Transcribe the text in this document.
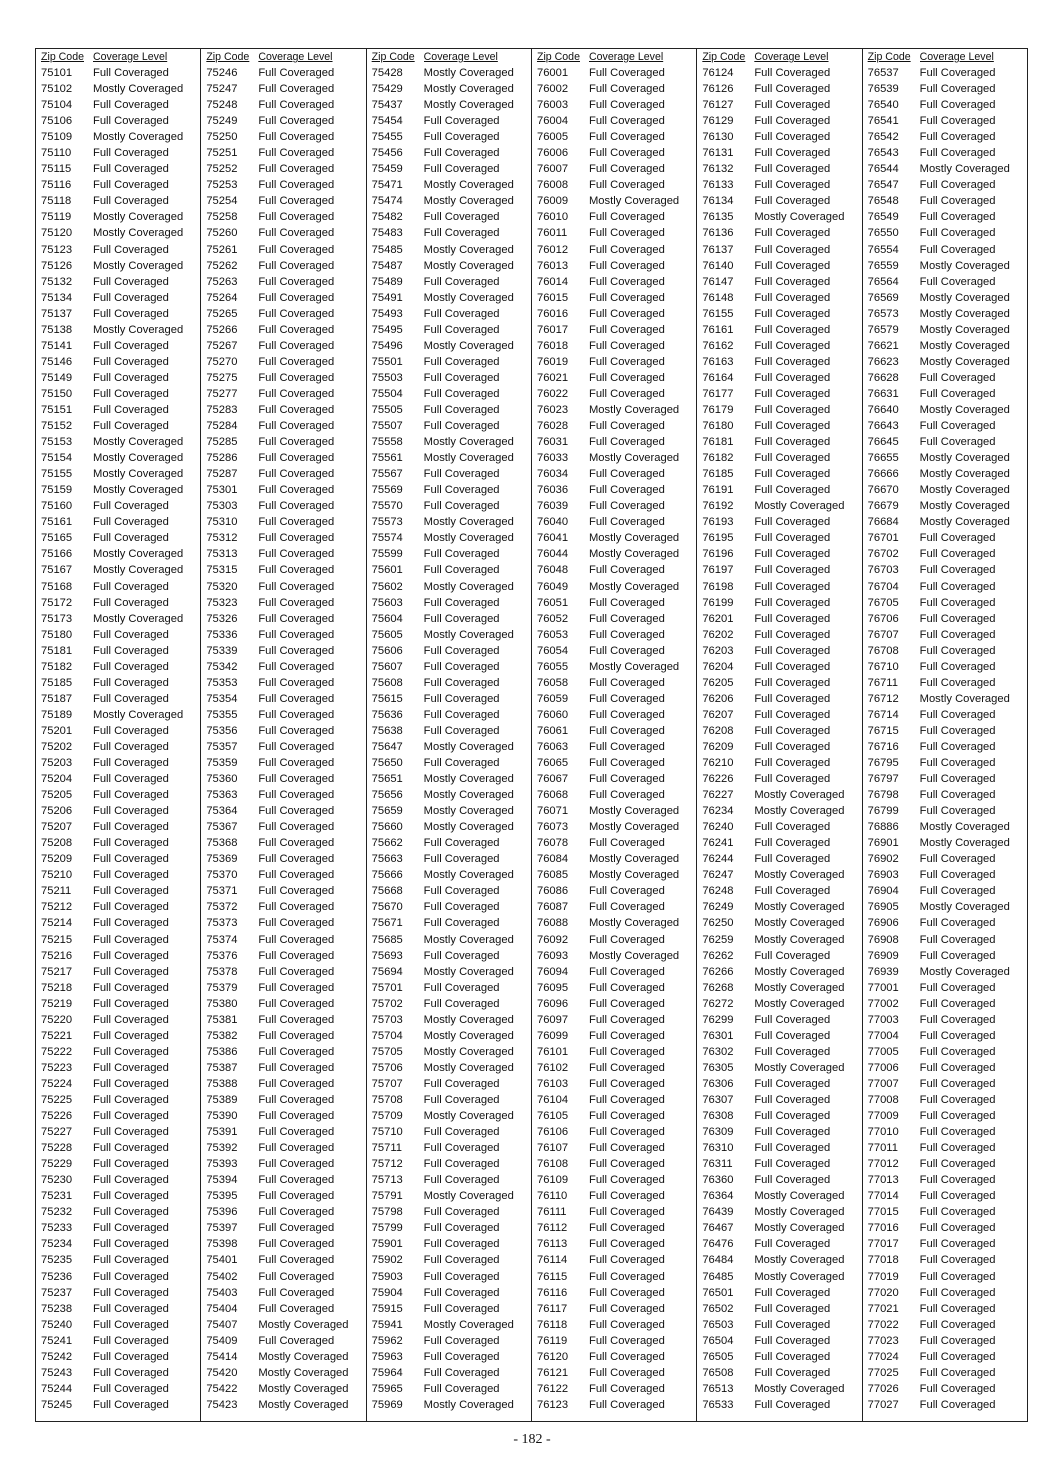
Zip Code Coverage Level
75101	Full Coveraged
75102	Mostly Coveraged
75104	Full Coveraged
75106	Full Coveraged
75109	Mostly Coveraged
75110	Full Coveraged
75115	Full Coveraged
75116	Full Coveraged
75118	Full Coveraged
75119	Mostly Coveraged
75120	Mostly Coveraged
75123	Full Coveraged
75126	Mostly Coveraged
75132	Full Coveraged
75134	Full Coveraged
75137	Full Coveraged
75138	Mostly Coveraged
75141	Full Coveraged
75146	Full Coveraged
75149	Full Coveraged
75150	Full Coveraged
75151	Full Coveraged
75152	Full Coveraged
75153	Mostly Coveraged
75154	Mostly Coveraged
75155	Mostly Coveraged
75159	Mostly Coveraged
75160	Full Coveraged
75161	Full Coveraged
75165	Full Coveraged
75166	Mostly Coveraged
75167	Mostly Coveraged
75168	Full Coveraged
75172	Full Coveraged
75173	Mostly Coveraged
75180	Full Coveraged
75181	Full Coveraged
75182	Full Coveraged
75185	Full Coveraged
75187	Full Coveraged
75189	Mostly Coveraged
75201	Full Coveraged
75202	Full Coveraged
75203	Full Coveraged
75204	Full Coveraged
75205	Full Coveraged
75206	Full Coveraged
75207	Full Coveraged
75208	Full Coveraged
75209	Full Coveraged
75210	Full Coveraged
75211	Full Coveraged
75212	Full Coveraged
75214	Full Coveraged
75215	Full Coveraged
75216	Full Coveraged
75217	Full Coveraged
75218	Full Coveraged
75219	Full Coveraged
75220	Full Coveraged
75221	Full Coveraged
75222	Full Coveraged
75223	Full Coveraged
75224	Full Coveraged
75225	Full Coveraged
75226	Full Coveraged
75227	Full Coveraged
75228	Full Coveraged
75229	Full Coveraged
75230	Full Coveraged
75231	Full Coveraged
75232	Full Coveraged
75233	Full Coveraged
75234	Full Coveraged
75235	Full Coveraged
75236	Full Coveraged
75237	Full Coveraged
75238	Full Coveraged
75240	Full Coveraged
75241	Full Coveraged
75242	Full Coveraged
75243	Full Coveraged
75244	Full Coveraged
75245	Full Coveraged
Zip Code Coverage Level
75246	Full Coveraged
75247	Full Coveraged
75248	Full Coveraged
75249	Full Coveraged
75250	Full Coveraged
75251	Full Coveraged
75252	Full Coveraged
75253	Full Coveraged
75254	Full Coveraged
75258	Full Coveraged
75260	Full Coveraged
75261	Full Coveraged
75262	Full Coveraged
75263	Full Coveraged
75264	Full Coveraged
75265	Full Coveraged
75266	Full Coveraged
75267	Full Coveraged
75270	Full Coveraged
75275	Full Coveraged
75277	Full Coveraged
75283	Full Coveraged
75284	Full Coveraged
75285	Full Coveraged
75286	Full Coveraged
75287	Full Coveraged
75301	Full Coveraged
75303	Full Coveraged
75310	Full Coveraged
75312	Full Coveraged
75313	Full Coveraged
75315	Full Coveraged
75320	Full Coveraged
75323	Full Coveraged
75326	Full Coveraged
75336	Full Coveraged
75339	Full Coveraged
75342	Full Coveraged
75353	Full Coveraged
75354	Full Coveraged
75355	Full Coveraged
75356	Full Coveraged
75357	Full Coveraged
75359	Full Coveraged
75360	Full Coveraged
75363	Full Coveraged
75364	Full Coveraged
75367	Full Coveraged
75368	Full Coveraged
75369	Full Coveraged
75370	Full Coveraged
75371	Full Coveraged
75372	Full Coveraged
75373	Full Coveraged
75374	Full Coveraged
75376	Full Coveraged
75378	Full Coveraged
75379	Full Coveraged
75380	Full Coveraged
75381	Full Coveraged
75382	Full Coveraged
75386	Full Coveraged
75387	Full Coveraged
75388	Full Coveraged
75389	Full Coveraged
75390	Full Coveraged
75391	Full Coveraged
75392	Full Coveraged
75393	Full Coveraged
75394	Full Coveraged
75395	Full Coveraged
75396	Full Coveraged
75397	Full Coveraged
75398	Full Coveraged
75401	Full Coveraged
75402	Full Coveraged
75403	Full Coveraged
75404	Full Coveraged
75407	Mostly Coveraged
75409	Full Coveraged
75414	Mostly Coveraged
75420	Mostly Coveraged
75422	Mostly Coveraged
75423	Mostly Coveraged
Zip Code Coverage Level
75428	Mostly Coveraged
75429	Mostly Coveraged
75437	Mostly Coveraged
75454	Full Coveraged
75455	Full Coveraged
75456	Full Coveraged
75459	Full Coveraged
75471	Mostly Coveraged
75474	Mostly Coveraged
75482	Full Coveraged
75483	Full Coveraged
75485	Mostly Coveraged
75487	Mostly Coveraged
75489	Full Coveraged
75491	Mostly Coveraged
75493	Full Coveraged
75495	Full Coveraged
75496	Mostly Coveraged
75501	Full Coveraged
75503	Full Coveraged
75504	Full Coveraged
75505	Full Coveraged
75507	Full Coveraged
75558	Mostly Coveraged
75561	Mostly Coveraged
75567	Full Coveraged
75569	Full Coveraged
75570	Full Coveraged
75573	Mostly Coveraged
75574	Mostly Coveraged
75599	Full Coveraged
75601	Full Coveraged
75602	Mostly Coveraged
75603	Full Coveraged
75604	Full Coveraged
75605	Mostly Coveraged
75606	Full Coveraged
75607	Full Coveraged
75608	Full Coveraged
75615	Full Coveraged
75636	Full Coveraged
75638	Full Coveraged
75647	Mostly Coveraged
75650	Full Coveraged
75651	Mostly Coveraged
75656	Mostly Coveraged
75659	Mostly Coveraged
75660	Mostly Coveraged
75662	Full Coveraged
75663	Full Coveraged
75666	Mostly Coveraged
75668	Full Coveraged
75670	Full Coveraged
75671	Full Coveraged
75685	Mostly Coveraged
75693	Full Coveraged
75694	Mostly Coveraged
75701	Full Coveraged
75702	Full Coveraged
75703	Mostly Coveraged
75704	Mostly Coveraged
75705	Mostly Coveraged
75706	Mostly Coveraged
75707	Full Coveraged
75708	Full Coveraged
75709	Mostly Coveraged
75710	Full Coveraged
75711	Full Coveraged
75712	Full Coveraged
75713	Full Coveraged
75791	Mostly Coveraged
75798	Full Coveraged
75799	Full Coveraged
75901	Full Coveraged
75902	Full Coveraged
75903	Full Coveraged
75904	Full Coveraged
75915	Full Coveraged
75941	Mostly Coveraged
75962	Full Coveraged
75963	Full Coveraged
75964	Full Coveraged
75965	Full Coveraged
75969	Mostly Coveraged
Zip Code Coverage Level
76001	Full Coveraged
76002	Full Coveraged
76003	Full Coveraged
76004	Full Coveraged
76005	Full Coveraged
76006	Full Coveraged
76007	Full Coveraged
76008	Full Coveraged
76009	Mostly Coveraged
76010	Full Coveraged
76011	Full Coveraged
76012	Full Coveraged
76013	Full Coveraged
76014	Full Coveraged
76015	Full Coveraged
76016	Full Coveraged
76017	Full Coveraged
76018	Full Coveraged
76019	Full Coveraged
76021	Full Coveraged
76022	Full Coveraged
76023	Mostly Coveraged
76028	Full Coveraged
76031	Full Coveraged
76033	Mostly Coveraged
76034	Full Coveraged
76036	Full Coveraged
76039	Full Coveraged
76040	Full Coveraged
76041	Mostly Coveraged
76044	Mostly Coveraged
76048	Full Coveraged
76049	Mostly Coveraged
76051	Full Coveraged
76052	Full Coveraged
76053	Full Coveraged
76054	Full Coveraged
76055	Mostly Coveraged
76058	Full Coveraged
76059	Full Coveraged
76060	Full Coveraged
76061	Full Coveraged
76063	Full Coveraged
76065	Full Coveraged
76067	Full Coveraged
76068	Full Coveraged
76071	Mostly Coveraged
76073	Mostly Coveraged
76078	Full Coveraged
76084	Mostly Coveraged
76085	Mostly Coveraged
76086	Full Coveraged
76087	Full Coveraged
76088	Mostly Coveraged
76092	Full Coveraged
76093	Mostly Coveraged
76094	Full Coveraged
76095	Full Coveraged
76096	Full Coveraged
76097	Full Coveraged
76099	Full Coveraged
76101	Full Coveraged
76102	Full Coveraged
76103	Full Coveraged
76104	Full Coveraged
76105	Full Coveraged
76106	Full Coveraged
76107	Full Coveraged
76108	Full Coveraged
76109	Full Coveraged
76110	Full Coveraged
76111	Full Coveraged
76112	Full Coveraged
76113	Full Coveraged
76114	Full Coveraged
76115	Full Coveraged
76116	Full Coveraged
76117	Full Coveraged
76118	Full Coveraged
76119	Full Coveraged
76120	Full Coveraged
76121	Full Coveraged
76122	Full Coveraged
76123	Full Coveraged
Zip Code Coverage Level
76124	Full Coveraged
76126	Full Coveraged
76127	Full Coveraged
76129	Full Coveraged
76130	Full Coveraged
76131	Full Coveraged
76132	Full Coveraged
76133	Full Coveraged
76134	Full Coveraged
76135	Mostly Coveraged
76136	Full Coveraged
76137	Full Coveraged
76140	Full Coveraged
76147	Full Coveraged
76148	Full Coveraged
76155	Full Coveraged
76161	Full Coveraged
76162	Full Coveraged
76163	Full Coveraged
76164	Full Coveraged
76177	Full Coveraged
76179	Full Coveraged
76180	Full Coveraged
76181	Full Coveraged
76182	Full Coveraged
76185	Full Coveraged
76191	Full Coveraged
76192	Mostly Coveraged
76193	Full Coveraged
76195	Full Coveraged
76196	Full Coveraged
76197	Full Coveraged
76198	Full Coveraged
76199	Full Coveraged
76201	Full Coveraged
76202	Full Coveraged
76203	Full Coveraged
76204	Full Coveraged
76205	Full Coveraged
76206	Full Coveraged
76207	Full Coveraged
76208	Full Coveraged
76209	Full Coveraged
76210	Full Coveraged
76226	Full Coveraged
76227	Mostly Coveraged
76234	Mostly Coveraged
76240	Full Coveraged
76241	Full Coveraged
76244	Full Coveraged
76247	Mostly Coveraged
76248	Full Coveraged
76249	Mostly Coveraged
76250	Mostly Coveraged
76259	Mostly Coveraged
76262	Full Coveraged
76266	Mostly Coveraged
76268	Mostly Coveraged
76272	Mostly Coveraged
76299	Full Coveraged
76301	Full Coveraged
76302	Full Coveraged
76305	Mostly Coveraged
76306	Full Coveraged
76307	Full Coveraged
76308	Full Coveraged
76309	Full Coveraged
76310	Full Coveraged
76311	Full Coveraged
76360	Full Coveraged
76364	Mostly Coveraged
76439	Mostly Coveraged
76467	Mostly Coveraged
76476	Full Coveraged
76484	Mostly Coveraged
76485	Mostly Coveraged
76501	Full Coveraged
76502	Full Coveraged
76503	Full Coveraged
76504	Full Coveraged
76505	Full Coveraged
76508	Full Coveraged
76513	Mostly Coveraged
76533	Full Coveraged
Zip Code Coverage Level
76537	Full Coveraged
76539	Full Coveraged
76540	Full Coveraged
76541	Full Coveraged
76542	Full Coveraged
76543	Full Coveraged
76544	Mostly Coveraged
76547	Full Coveraged
76548	Full Coveraged
76549	Full Coveraged
76550	Full Coveraged
76554	Full Coveraged
76559	Mostly Coveraged
76564	Full Coveraged
76569	Mostly Coveraged
76573	Mostly Coveraged
76579	Mostly Coveraged
76621	Mostly Coveraged
76623	Mostly Coveraged
76628	Full Coveraged
76631	Full Coveraged
76640	Mostly Coveraged
76643	Full Coveraged
76645	Full Coveraged
76655	Mostly Coveraged
76666	Mostly Coveraged
76670	Mostly Coveraged
76679	Mostly Coveraged
76684	Mostly Coveraged
76701	Full Coveraged
76702	Full Coveraged
76703	Full Coveraged
76704	Full Coveraged
76705	Full Coveraged
76706	Full Coveraged
76707	Full Coveraged
76708	Full Coveraged
76710	Full Coveraged
76711	Full Coveraged
76712	Mostly Coveraged
76714	Full Coveraged
76715	Full Coveraged
76716	Full Coveraged
76795	Full Coveraged
76797	Full Coveraged
76798	Full Coveraged
76799	Full Coveraged
76886	Mostly Coveraged
76901	Mostly Coveraged
76902	Full Coveraged
76903	Full Coveraged
76904	Full Coveraged
76905	Mostly Coveraged
76906	Full Coveraged
76908	Full Coveraged
76909	Full Coveraged
76939	Mostly Coveraged
77001	Full Coveraged
77002	Full Coveraged
77003	Full Coveraged
77004	Full Coveraged
77005	Full Coveraged
77006	Full Coveraged
77007	Full Coveraged
77008	Full Coveraged
77009	Full Coveraged
77010	Full Coveraged
77011	Full Coveraged
77012	Full Coveraged
77013	Full Coveraged
77014	Full Coveraged
77015	Full Coveraged
77016	Full Coveraged
77017	Full Coveraged
77018	Full Coveraged
77019	Full Coveraged
77020	Full Coveraged
77021	Full Coveraged
77022	Full Coveraged
77023	Full Coveraged
77024	Full Coveraged
77025	Full Coveraged
77026	Full Coveraged
77027	Full Coveraged
- 182 -
